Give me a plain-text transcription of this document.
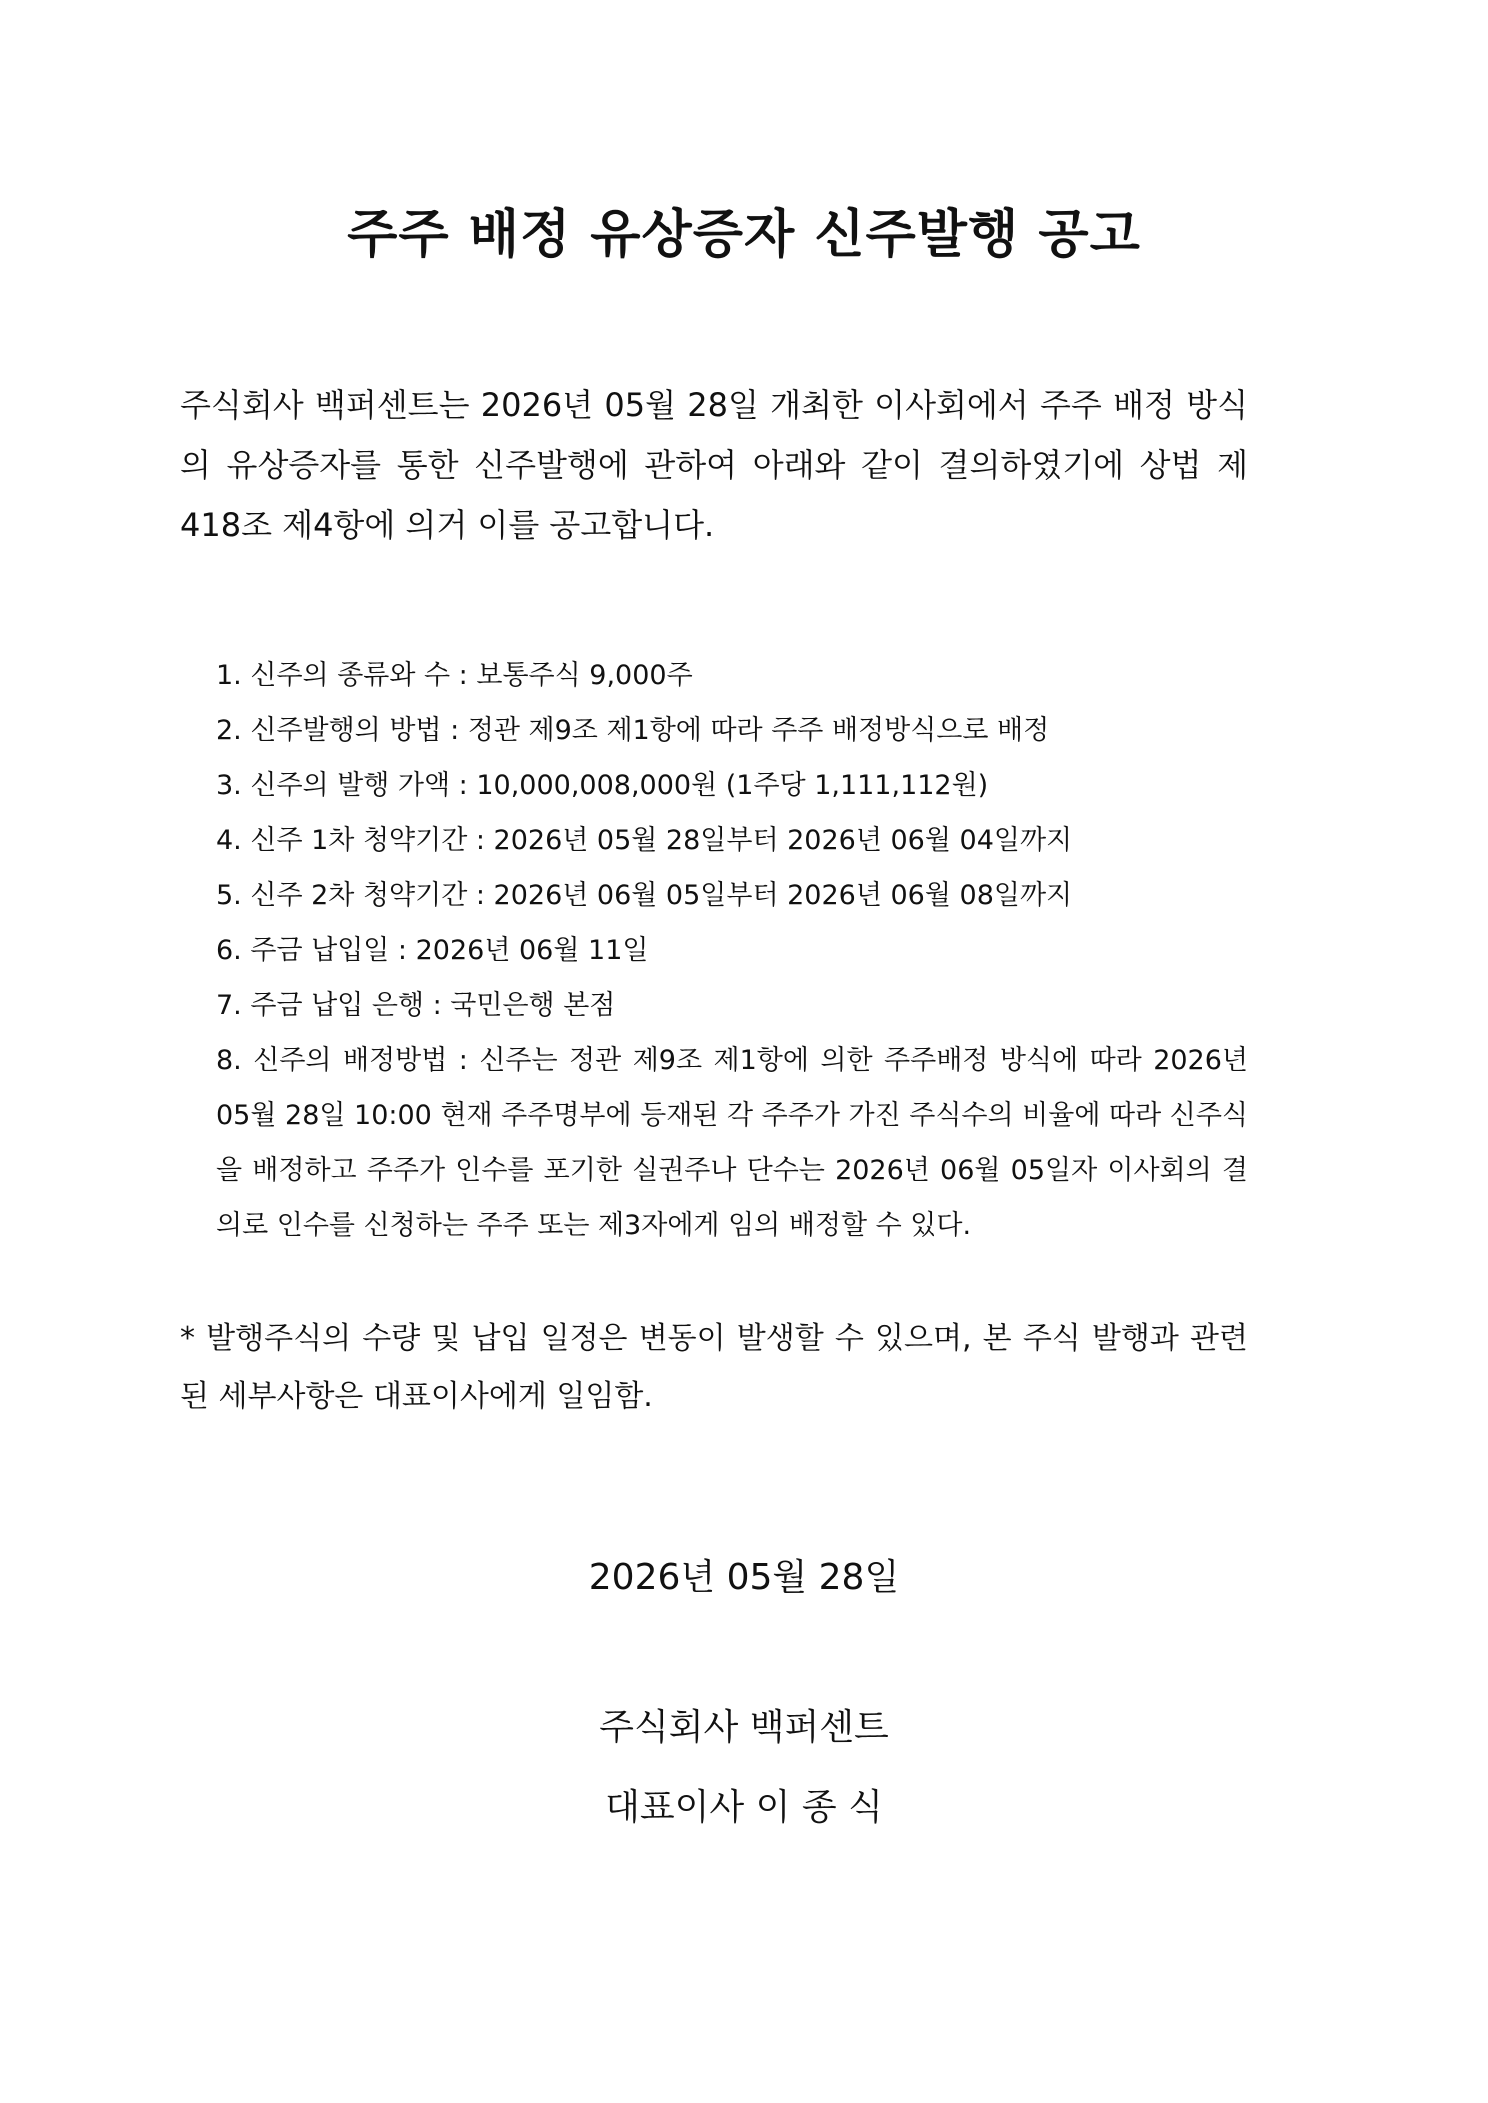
주주 배정 유상증자 신주발행 공고
주식회사 백퍼센트는 2026년 05월 28일 개최한 이사회에서 주주 배정 방식의 유상증자를 통한 신주발행에 관하여 아래와 같이 결의하였기에 상법 제418조 제4항에 의거 이를 공고합니다.
1. 신주의 종류와 수 : 보통주식 9,000주
2. 신주발행의 방법 : 정관 제9조 제1항에 따라 주주 배정방식으로 배정
3. 신주의 발행 가액 : 10,000,008,000원 (1주당 1,111,112원)
4. 신주 1차 청약기간 : 2026년 05월 28일부터 2026년 06월 04일까지
5. 신주 2차 청약기간 : 2026년 06월 05일부터 2026년 06월 08일까지
6. 주금 납입일 : 2026년 06월 11일
7. 주금 납입 은행 : 국민은행 본점
8. 신주의 배정방법 : 신주는 정관 제9조 제1항에 의한 주주배정 방식에 따라 2026년 05월 28일 10:00 현재 주주명부에 등재된 각 주주가 가진 주식수의 비율에 따라 신주식을 배정하고 주주가 인수를 포기한 실권주나 단수는 2026년 06월 05일자 이사회의 결의로 인수를 신청하는 주주 또는 제3자에게 임의 배정할 수 있다.
* 발행주식의 수량 및 납입 일정은 변동이 발생할 수 있으며, 본 주식 발행과 관련된 세부사항은 대표이사에게 일임함.
2026년 05월 28일
주식회사 백퍼센트
대표이사 이 종 식
